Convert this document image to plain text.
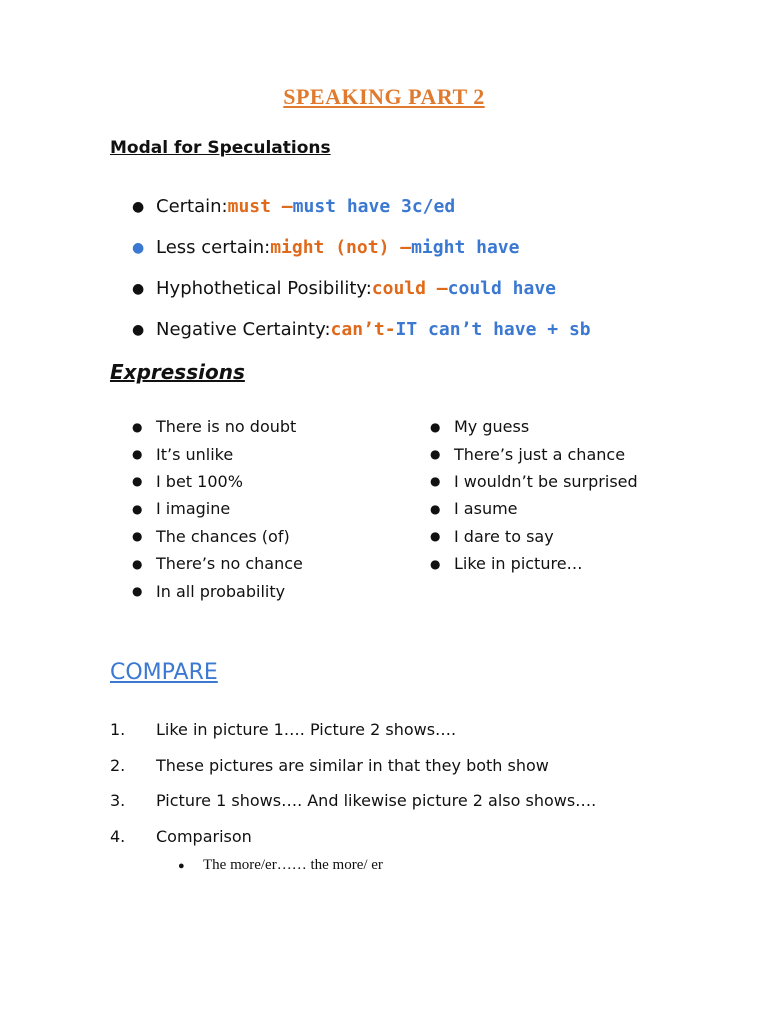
SPEAKING PART 2
Modal for Speculations
● Certain: must – must have 3c/ed
● Less certain: might (not) – might have
● Hyphothetical Posibility: could – could have
● Negative Certainty: can’t- IT can’t have + sb
Expressions
● There is no doubt
● It’s unlike
● I bet 100%
● I imagine
● The chances (of)
● There’s no chance
● In all probability
● My guess
● There’s just a chance
● I wouldn’t be surprised
● I asume
● I dare to say
● Like in picture…
COMPARE
1.	Like in picture 1…. Picture 2 shows….
2.	These pictures are similar in that they both show
3.	Picture 1 shows…. And likewise picture 2 also shows….
4.	Comparison
●	The more/er…… the more/ er
